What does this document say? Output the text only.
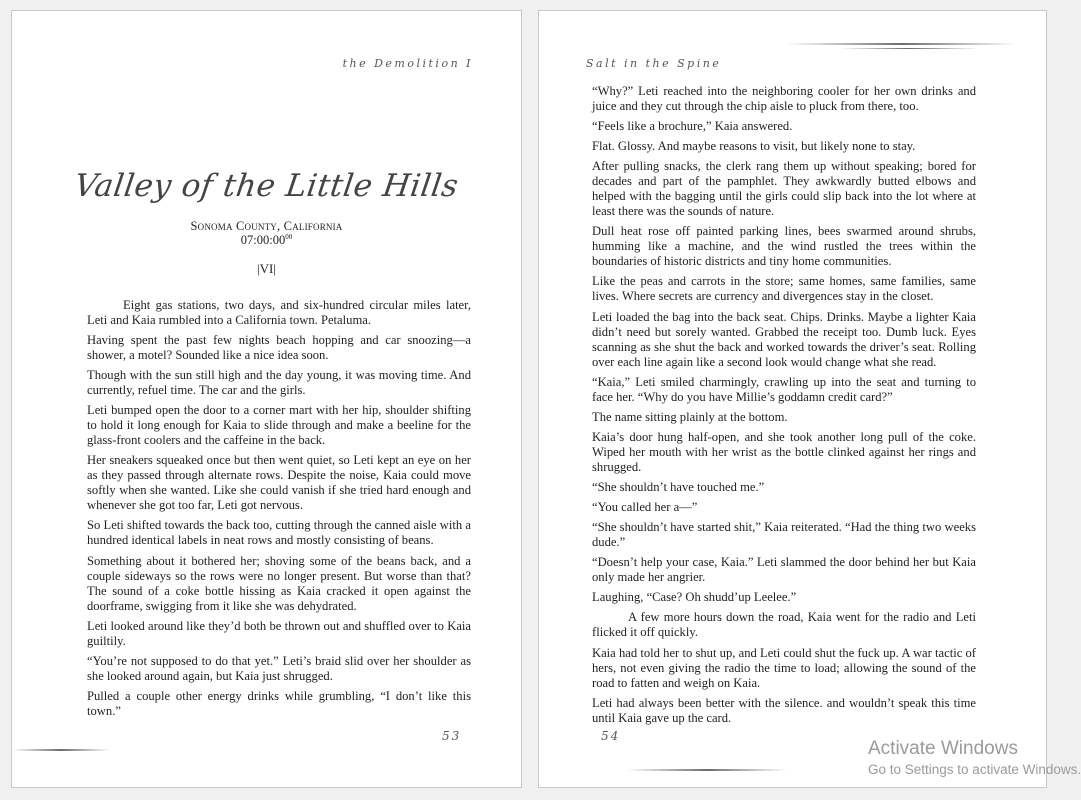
the Demolition I
Valley of the Little Hills
Sonoma County, California
$07:00:00^{00}$
|VI|

Eight gas stations, two days, and six-hundred circular miles later, Leti and Kaia rumbled into a California town. Petaluma.

Having spent the past few nights beach hopping and car snoozing—a shower, a motel? Sounded like a nice idea soon.

Though with the sun still high and the day young, it was moving time. And currently, refuel time. The car and the girls.

Leti bumped open the door to a corner mart with her hip, shoulder shifting to hold it long enough for Kaia to slide through and make a beeline for the glass-front coolers and the caffeine in the back.

Her sneakers squeaked once but then went quiet, so Leti kept an eye on her as they passed through alternate rows. Despite the noise, Kaia could move softly when she wanted. Like she could vanish if she tried hard enough and whenever she got too far, Leti got nervous.

So Leti shifted towards the back too, cutting through the canned aisle with a hundred identical labels in neat rows and mostly consisting of beans.

Something about it bothered her; shoving some of the beans back, and a couple sideways so the rows were no longer present. But worse than that? The sound of a coke bottle hissing as Kaia cracked it open against the doorframe, swigging from it like she was dehydrated.

Leti looked around like they’d both be thrown out and shuffled over to Kaia guiltily.

“You’re not supposed to do that yet.” Leti’s braid slid over her shoulder as she looked around again, but Kaia just shrugged.

Pulled a couple other energy drinks while grumbling, “I don’t like this town.”

53
Salt in the Spine

“Why?” Leti reached into the neighboring cooler for her own drinks and juice and they cut through the chip aisle to pluck from there, too.

“Feels like a brochure,” Kaia answered.

Flat. Glossy. And maybe reasons to visit, but likely none to stay.

After pulling snacks, the clerk rang them up without speaking; bored for decades and part of the pamphlet. They awkwardly butted elbows and helped with the bagging until the girls could slip back into the lot where at least there was the sounds of nature.

Dull heat rose off painted parking lines, bees swarmed around shrubs, humming like a machine, and the wind rustled the trees within the boundaries of historic districts and tiny home communities.

Like the peas and carrots in the store; same homes, same families, same lives. Where secrets are currency and divergences stay in the closet.

Leti loaded the bag into the back seat. Chips. Drinks. Maybe a lighter Kaia didn’t need but sorely wanted. Grabbed the receipt too. Dumb luck. Eyes scanning as she shut the back and worked towards the driver’s seat. Rolling over each line again like a second look would change what she read.

“Kaia,” Leti smiled charmingly, crawling up into the seat and turning to face her. “Why do you have Millie’s goddamn credit card?”

The name sitting plainly at the bottom.

Kaia’s door hung half-open, and she took another long pull of the coke. Wiped her mouth with her wrist as the bottle clinked against her rings and shrugged.

“She shouldn’t have touched me.”

“You called her a—”

“She shouldn’t have started shit,” Kaia reiterated. “Had the thing two weeks dude.”

“Doesn’t help your case, Kaia.” Leti slammed the door behind her but Kaia only made her angrier.

Laughing, “Case? Oh shudd’up Leelee.”

A few more hours down the road, Kaia went for the radio and Leti flicked it off quickly.

Kaia had told her to shut up, and Leti could shut the fuck up. A war tactic of hers, not even giving the radio the time to load; allowing the sound of the road to fatten and weigh on Kaia.

Leti had always been better with the silence. and wouldn’t speak this time until Kaia gave up the card.

54
Activate Windows
Go to Settings to activate Windows.
